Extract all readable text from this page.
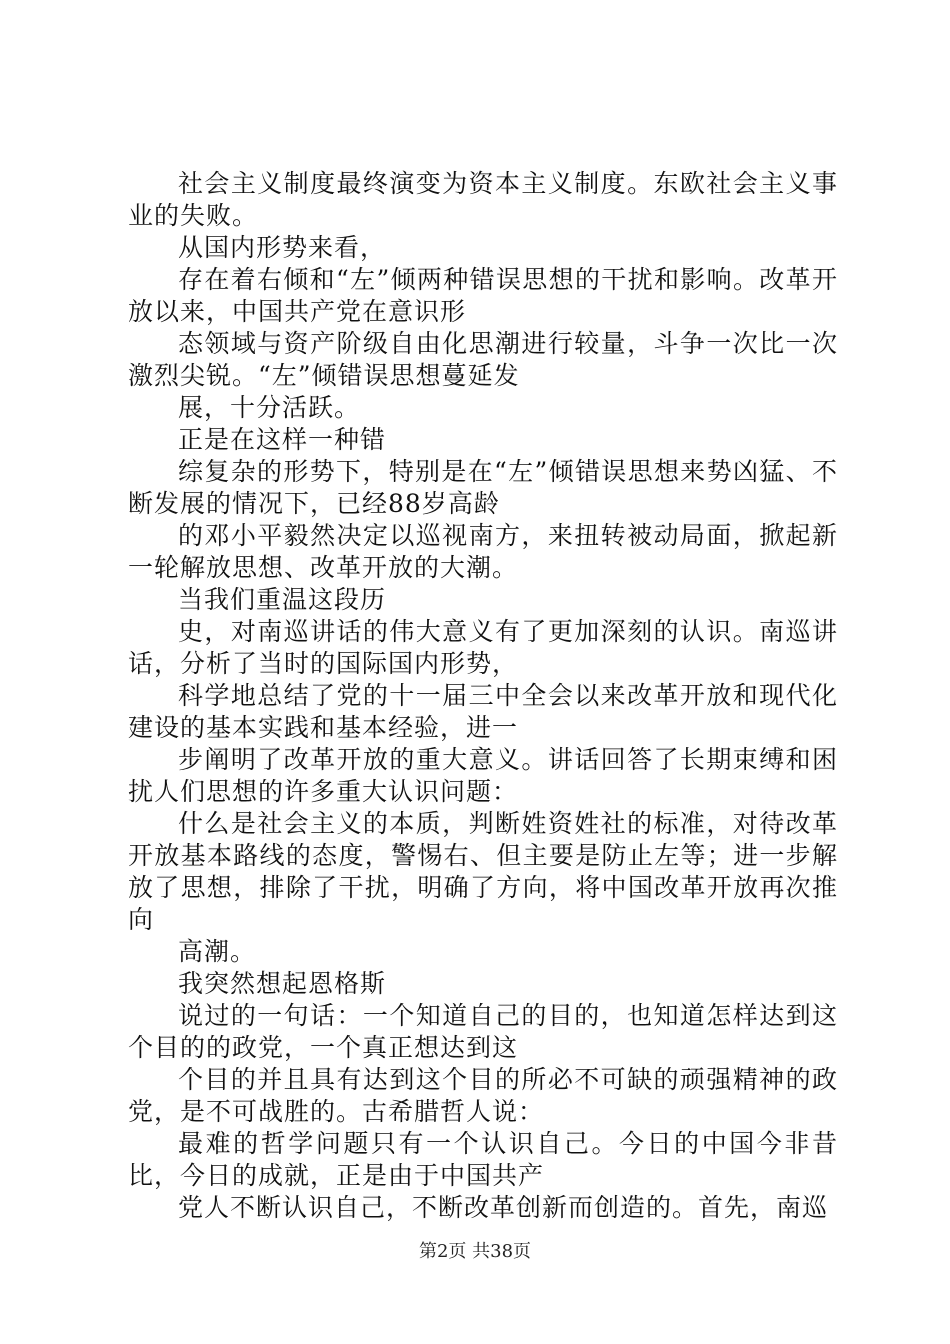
社会主义制度最终演变为资本主义制度。东欧社会主义事业的失败。

从国内形势来看，

存在着右倾和“左”倾两种错误思想的干扰和影响。改革开放以来，中国共产党在意识形

态领域与资产阶级自由化思潮进行较量，斗争一次比一次激烈尖锐。“左”倾错误思想蔓延发

展，十分活跃。

正是在这样一种错

综复杂的形势下，特别是在“左”倾错误思想来势凶猛、不断发展的情况下，已经88岁高龄

的邓小平毅然决定以巡视南方，来扭转被动局面，掀起新一轮解放思想、改革开放的大潮。

当我们重温这段历

史，对南巡讲话的伟大意义有了更加深刻的认识。南巡讲话，分析了当时的国际国内形势，

科学地总结了党的十一届三中全会以来改革开放和现代化建设的基本实践和基本经验，进一

步阐明了改革开放的重大意义。讲话回答了长期束缚和困扰人们思想的许多重大认识问题：

什么是社会主义的本质，判断姓资姓社的标准，对待改革开放基本路线的态度，警惕右、但主要是防止左等；进一步解放了思想，排除了干扰，明确了方向，将中国改革开放再次推向

高潮。

我突然想起恩格斯

说过的一句话：一个知道自己的目的，也知道怎样达到这个目的的政党，一个真正想达到这

个目的并且具有达到这个目的所必不可缺的顽强精神的政党，是不可战胜的。古希腊哲人说：

最难的哲学问题只有一个认识自己。今日的中国今非昔比，今日的成就，正是由于中国共产

党人不断认识自己，不断改革创新而创造的。首先，南巡

第2页 共38页
